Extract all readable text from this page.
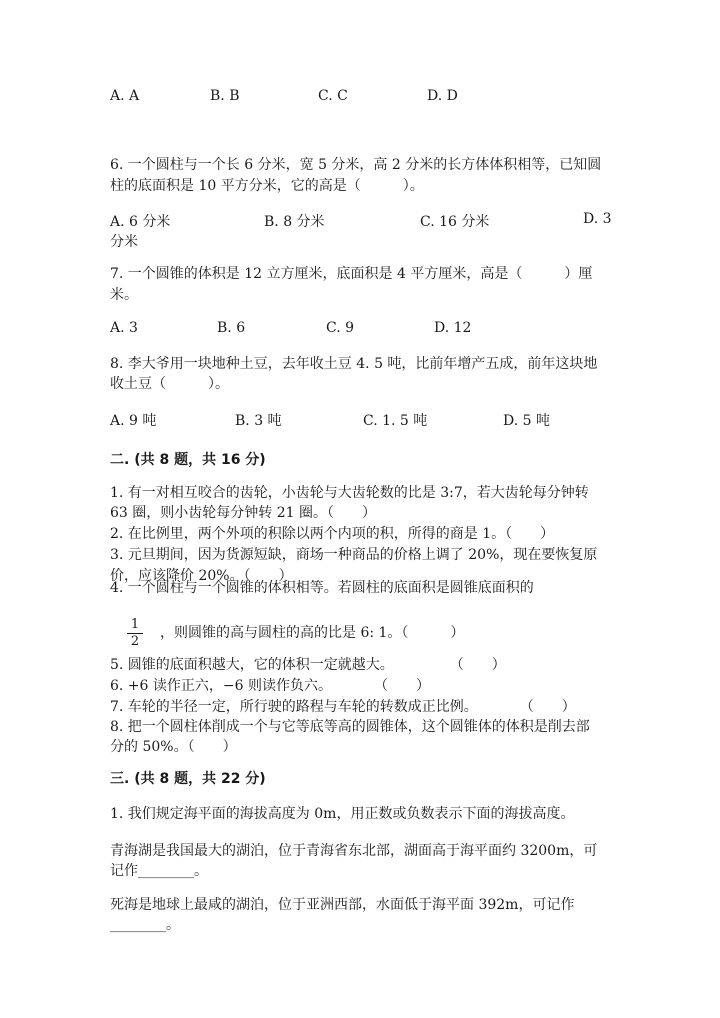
A. A	B. B	C. C	D. D
6. 一个圆柱与一个长 6 分米，宽 5 分米，高 2 分米的长方体体积相等，已知圆
柱的底面积是 10 平方分米，它的高是（　　　）。
A. 6 分米	B. 8 分米	C. 16 分米	D. 3
分米
7. 一个圆锥的体积是 12 立方厘米，底面积是 4 平方厘米，高是（　　　）厘
米。
A. 3	B. 6	C. 9	D. 12
8. 李大爷用一块地种土豆，去年收土豆 4. 5 吨，比前年增产五成，前年这块地
收土豆（　　　）。
A. 9 吨	B. 3 吨	C. 1. 5 吨	D. 5 吨
二. (共 8 题，共 16 分)
1. 有一对相互咬合的齿轮，小齿轮与大齿轮数的比是 3:7，若大齿轮每分钟转
63 圈，则小齿轮每分钟转 21 圈。（　　）
2. 在比例里，两个外项的积除以两个内项的积，所得的商是 1。（　　）
3. 元旦期间，因为货源短缺，商场一种商品的价格上调了 20%，现在要恢复原
价，应该降价 20%。（　　）
4. 一个圆柱与一个圆锥的体积相等。若圆柱的底面积是圆锥底面积的
$\frac{1}{2}$ ，则圆锥的高与圆柱的高的比是 6: 1。（　　　）
5. 圆锥的底面积越大，它的体积一定就越大。　　　　　（　　）
6. +6 读作正六，−6 则读作负六。　　　　（　　）
7. 车轮的半径一定，所行驶的路程与车轮的转数成正比例。　　　　（　　）
8. 把一个圆柱体削成一个与它等底等高的圆锥体，这个圆锥体的体积是削去部
分的 50%。（　　）
三. (共 8 题，共 22 分)
1. 我们规定海平面的海拔高度为 0m，用正数或负数表示下面的海拔高度。
青海湖是我国最大的湖泊，位于青海省东北部，湖面高于海平面约 3200m，可
记作________。
死海是地球上最咸的湖泊，位于亚洲西部，水面低于海平面 392m，可记作
________。
